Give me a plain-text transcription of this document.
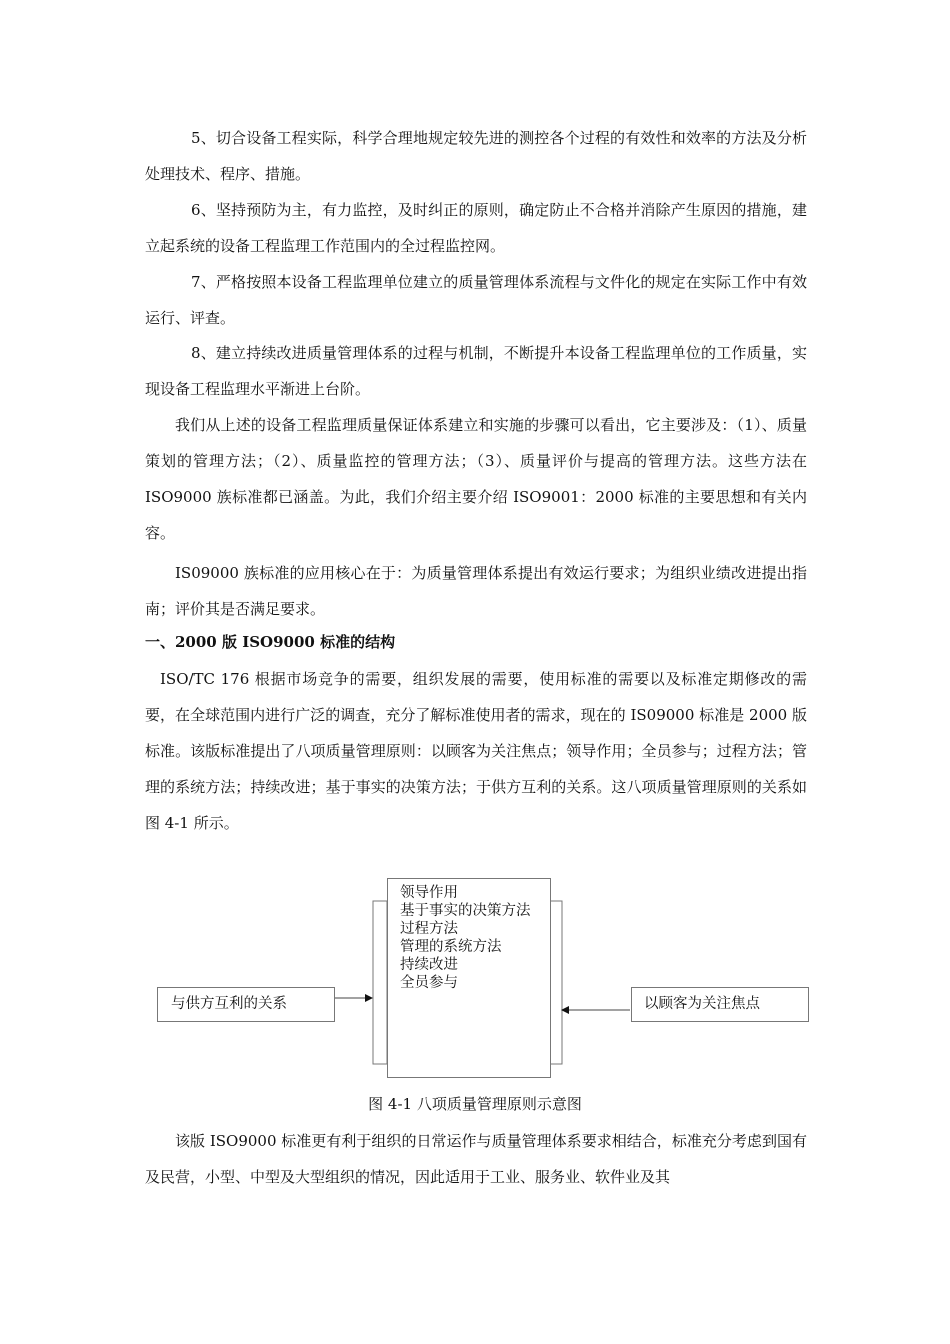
5、切合设备工程实际，科学合理地规定较先进的测控各个过程的有效性和效率的方法及分析处理技术、程序、措施。

6、坚持预防为主，有力监控，及时纠正的原则，确定防止不合格并消除产生原因的措施，建立起系统的设备工程监理工作范围内的全过程监控网。

7、严格按照本设备工程监理单位建立的质量管理体系流程与文件化的规定在实际工作中有效运行、评查。

8、建立持续改进质量管理体系的过程与机制，不断提升本设备工程监理单位的工作质量，实现设备工程监理水平渐进上台阶。

我们从上述的设备工程监理质量保证体系建立和实施的步骤可以看出，它主要涉及：（1）、质量策划的管理方法；（2）、质量监控的管理方法；（3）、质量评价与提高的管理方法。这些方法在 ISO9000 族标准都已涵盖。为此，我们介绍主要介绍 ISO9001：2000 标准的主要思想和有关内容。

IS09000 族标准的应用核心在于：为质量管理体系提出有效运行要求；为组织业绩改进提出指南；评价其是否满足要求。

一、2000 版 ISO9000 标准的结构

ISO/TC 176 根据市场竞争的需要，组织发展的需要，使用标准的需要以及标准定期修改的需要，在全球范围内进行广泛的调查，充分了解标准使用者的需求，现在的 IS09000 标准是 2000 版标准。该版标准提出了八项质量管理原则：以顾客为关注焦点；领导作用；全员参与；过程方法；管理的系统方法；持续改进；基于事实的决策方法；于供方互利的关系。这八项质量管理原则的关系如图 4-1 所示。

领导作用
基于事实的决策方法
过程方法
管理的系统方法
持续改进
全员参与
与供方互利的关系	以顾客为关注焦点
图 4-1 八项质量管理原则示意图

该版 ISO9000 标准更有利于组织的日常运作与质量管理体系要求相结合，标准充分考虑到国有及民营，小型、中型及大型组织的情况，因此适用于工业、服务业、软件业及其
